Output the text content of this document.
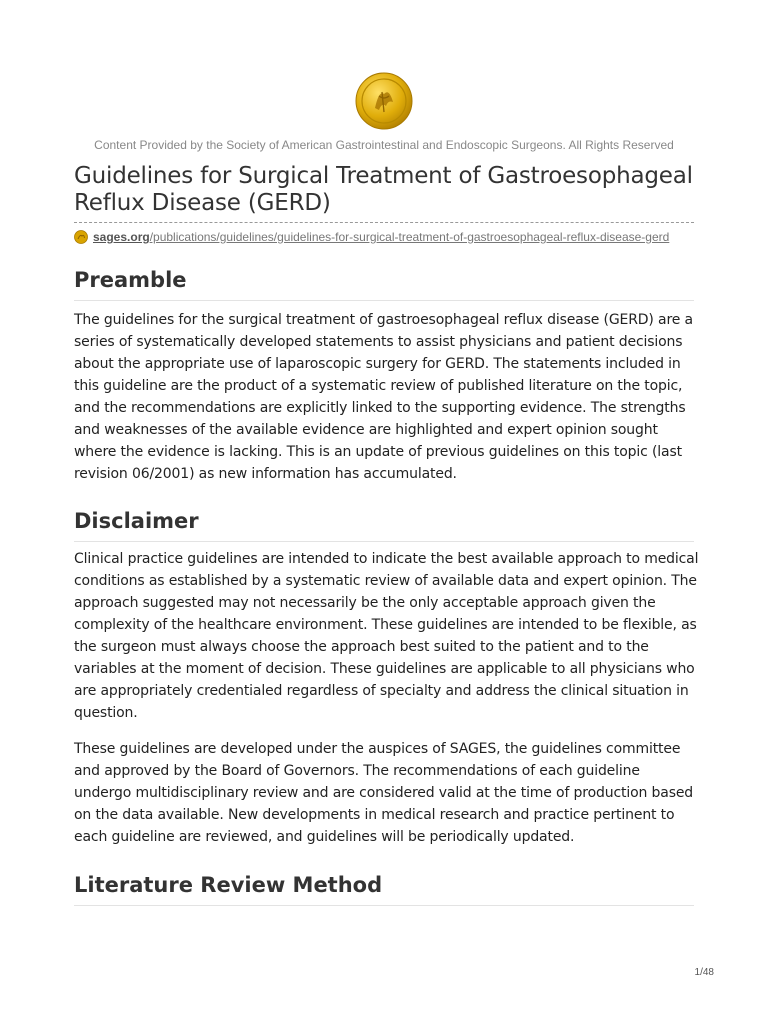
Content Provided by the Society of American Gastrointestinal and Endoscopic Surgeons. All Rights Reserved
Guidelines for Surgical Treatment of Gastroesophageal Reflux Disease (GERD)
sages.org /publications/guidelines/guidelines-for-surgical-treatment-of-gastroesophageal-reflux-disease-gerd
Preamble

The guidelines for the surgical treatment of gastroesophageal reflux disease (GERD) are a series of systematically developed statements to assist physicians and patient decisions about the appropriate use of laparoscopic surgery for GERD. The statements included in this guideline are the product of a systematic review of published literature on the topic, and the recommendations are explicitly linked to the supporting evidence. The strengths and weaknesses of the available evidence are highlighted and expert opinion sought where the evidence is lacking. This is an update of previous guidelines on this topic (last revision 06/2001) as new information has accumulated.

Disclaimer

Clinical practice guidelines are intended to indicate the best available approach to medical conditions as established by a systematic review of available data and expert opinion. The approach suggested may not necessarily be the only acceptable approach given the complexity of the healthcare environment. These guidelines are intended to be flexible, as the surgeon must always choose the approach best suited to the patient and to the variables at the moment of decision. These guidelines are applicable to all physicians who are appropriately credentialed regardless of specialty and address the clinical situation in question.

These guidelines are developed under the auspices of SAGES, the guidelines committee and approved by the Board of Governors. The recommendations of each guideline undergo multidisciplinary review and are considered valid at the time of production based on the data available. New developments in medical research and practice pertinent to each guideline are reviewed, and guidelines will be periodically updated.

Literature Review Method
1/48
